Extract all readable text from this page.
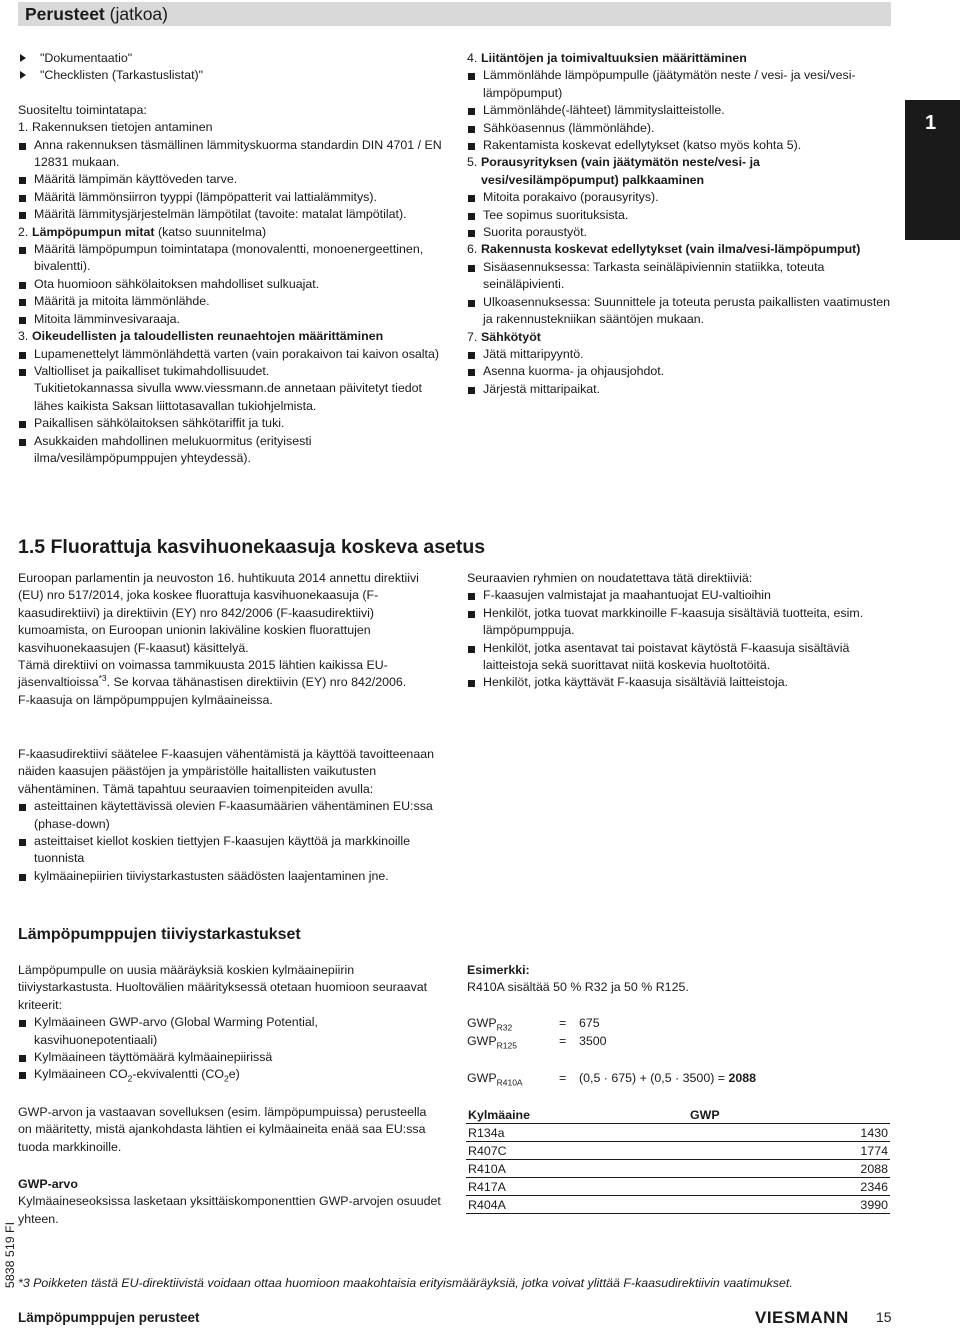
Perusteet (jatkoa)
1

"Dokumentaatio"

"Checklisten (Tarkastuslistat)"

Suositeltu toimintatapa:

1. Rakennuksen tietojen antaminen

Anna rakennuksen täsmällinen lämmityskuorma standardin DIN 4701 / EN 12831 mukaan.

Määritä lämpimän käyttöveden tarve.

Määritä lämmönsiirron tyyppi (lämpöpatterit vai lattialämmitys).

Määritä lämmitysjärjestelmän lämpötilat (tavoite: matalat lämpötilat).

2. Lämpöpumpun mitat (katso suunnitelma)

Määritä lämpöpumpun toimintatapa (monovalentti, monoenergeettinen, bivalentti).

Ota huomioon sähkölaitoksen mahdolliset sulkuajat.

Määritä ja mitoita lämmönlähde.

Mitoita lämminvesivaraaja.

3. Oikeudellisten ja taloudellisten reunaehtojen määrittäminen

Lupamenettelyt lämmönlähdettä varten (vain porakaivon tai kaivon osalta)

Valtiolliset ja paikalliset tukimahdollisuudet.

Tukitietokannassa sivulla www.viessmann.de annetaan päivitetyt tiedot lähes kaikista Saksan liittotasavallan tukiohjelmista.

Paikallisen sähkölaitoksen sähkötariffit ja tuki.

Asukkaiden mahdollinen melukuormitus (erityisesti ilma/vesilämpöpumppujen yhteydessä).

4. Liitäntöjen ja toimivaltuuksien määrittäminen

Lämmönlähde lämpöpumpulle (jäätymätön neste / vesi- ja vesi/vesi-lämpöpumput)

Lämmönlähde(-lähteet) lämmityslaitteistolle.

Sähköasennus (lämmönlähde).

Rakentamista koskevat edellytykset (katso myös kohta 5).

5. Porausyrityksen (vain jäätymätön neste/vesi- ja vesi/vesilämpöpumput) palkkaaminen

Mitoita porakaivo (porausyritys).

Tee sopimus suorituksista.

Suorita poraustyöt.

6. Rakennusta koskevat edellytykset (vain ilma/vesi-lämpöpumput)

Sisäasennuksessa: Tarkasta seinäläpiviennin statiikka, toteuta seinäläpivienti.

Ulkoasennuksessa: Suunnittele ja toteuta perusta paikallisten vaatimusten ja rakennustekniikan sääntöjen mukaan.

7. Sähkötyöt

Jätä mittaripyyntö.

Asenna kuorma- ja ohjausjohdot.

Järjestä mittaripaikat.

1.5 Fluorattuja kasvihuonekaasuja koskeva asetus

Euroopan parlamentin ja neuvoston 16. huhtikuuta 2014 annettu direktiivi (EU) nro 517/2014, joka koskee fluorattuja kasvihuonekaasuja (F-kaasudirektiivi) ja direktiivin (EY) nro 842/2006 (F-kaasudirektiivi) kumoamista, on Euroopan unionin lakiväline koskien fluorattujen kasvihuonekaasujen (F-kaasut) käsittelyä.

Tämä direktiivi on voimassa tammikuusta 2015 lähtien kaikissa EU-jäsenvaltioissa$^{*3}$. Se korvaa tähänastisen direktiivin (EY) nro 842/2006.

F-kaasuja on lämpöpumppujen kylmäaineissa.

Seuraavien ryhmien on noudatettava tätä direktiiviä:

F-kaasujen valmistajat ja maahantuojat EU-valtioihin

Henkilöt, jotka tuovat markkinoille F-kaasuja sisältäviä tuotteita, esim. lämpöpumppuja.

Henkilöt, jotka asentavat tai poistavat käytöstä F-kaasuja sisältäviä laitteistoja sekä suorittavat niitä koskevia huoltotöitä.

Henkilöt, jotka käyttävät F-kaasuja sisältäviä laitteistoja.

F-kaasudirektiivi säätelee F-kaasujen vähentämistä ja käyttöä tavoitteenaan näiden kaasujen päästöjen ja ympäristölle haitallisten vaikutusten vähentäminen. Tämä tapahtuu seuraavien toimenpiteiden avulla:

asteittainen käytettävissä olevien F-kaasumäärien vähentäminen EU:ssa (phase-down)

asteittaiset kiellot koskien tiettyjen F-kaasujen käyttöä ja markkinoille tuonnista

kylmäainepiirien tiiviystarkastusten säädösten laajentaminen jne.

Lämpöpumppujen tiiviystarkastukset

Lämpöpumpulle on uusia määräyksiä koskien kylmäainepiirin tiiviystarkastusta. Huoltovälien määrityksessä otetaan huomioon seuraavat kriteerit:

Kylmäaineen GWP-arvo (Global Warming Potential, kasvihuonepotentiaali)

Kylmäaineen täyttömäärä kylmäainepiirissä

Kylmäaineen $CO_2$-ekvivalentti $(CO_2e)$

GWP-arvon ja vastaavan sovelluksen (esim. lämpöpumpuissa) perusteella on määritetty, mistä ajankohdasta lähtien ei kylmäaineita enää saa EU:ssa tuoda markkinoille.

GWP-arvo

Kylmäaineseoksissa lasketaan yksittäiskomponenttien GWP-arvojen osuudet yhteen.

Esimerkki:

R410A sisältää 50 % R32 ja 50 % R125.

$GWP_{R32}$	= 675
$GWP_{R125}$	= 3500
$GWP_{R410A}$	= (0,5 · 675) + (0,5 · 3500) = 2088
Kylmäaine	GWP
R134a	1430
R407C	1774
R410A	2088
R417A	2346
R404A	3990
*3 Poikketen tästä EU-direktiivistä voidaan ottaa huomioon maakohtaisia erityismääräyksiä, jotka voivat ylittää F-kaasudirektiivin vaatimukset.
5838 519 FI
Lämpöpumppujen perusteet	VIESMANN 15
